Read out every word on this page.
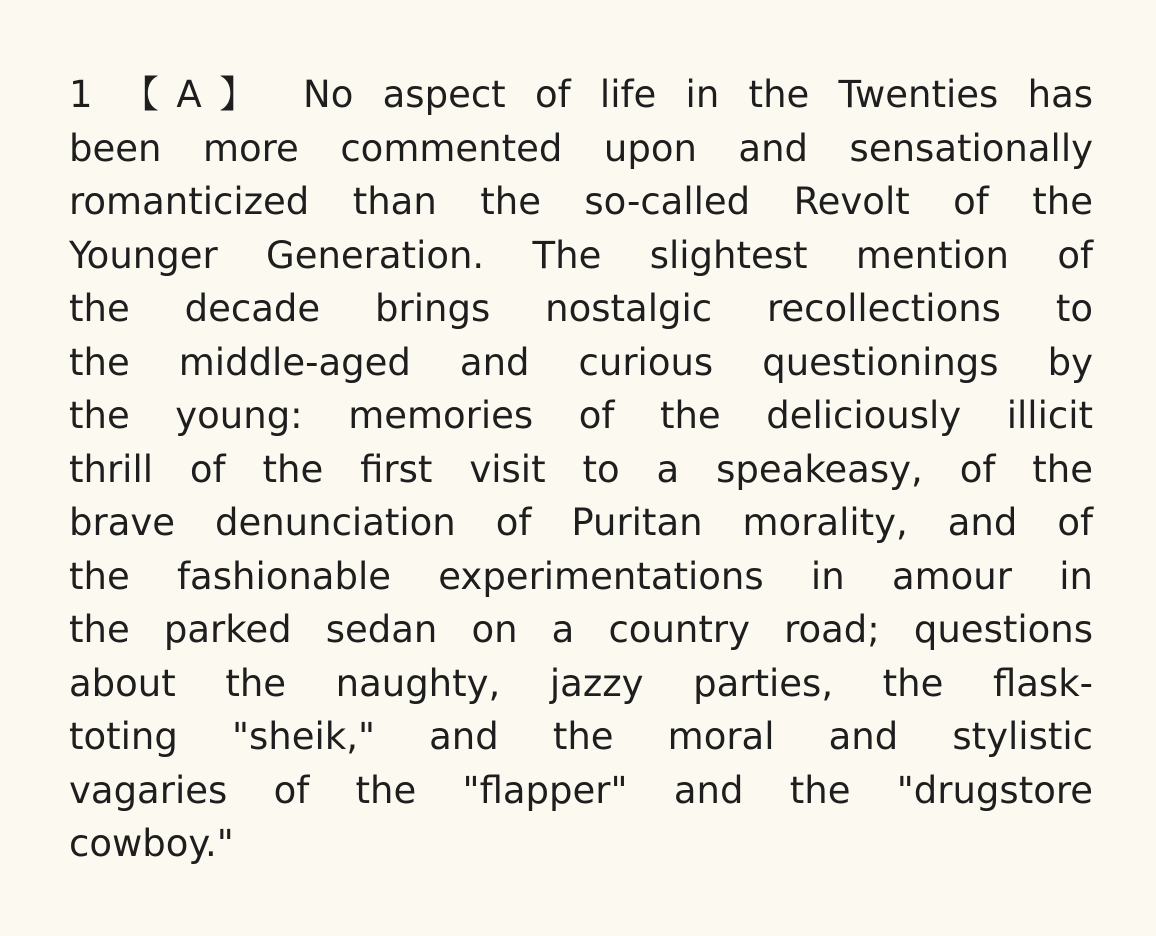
1 【A】 No aspect of life in the Twenties has
been more commented upon and sensationally
romanticized than the so-called Revolt of the
Younger Generation. The slightest mention of
the decade brings nostalgic recollections to
the middle-aged and curious questionings by
the young: memories of the deliciously illicit
thrill of the first visit to a speakeasy, of the
brave denunciation of Puritan morality, and of
the fashionable experimentations in amour in
the parked sedan on a country road; questions
about the naughty, jazzy parties, the flask-
toting "sheik," and the moral and stylistic
vagaries of the "flapper" and the "drugstore
cowboy."
